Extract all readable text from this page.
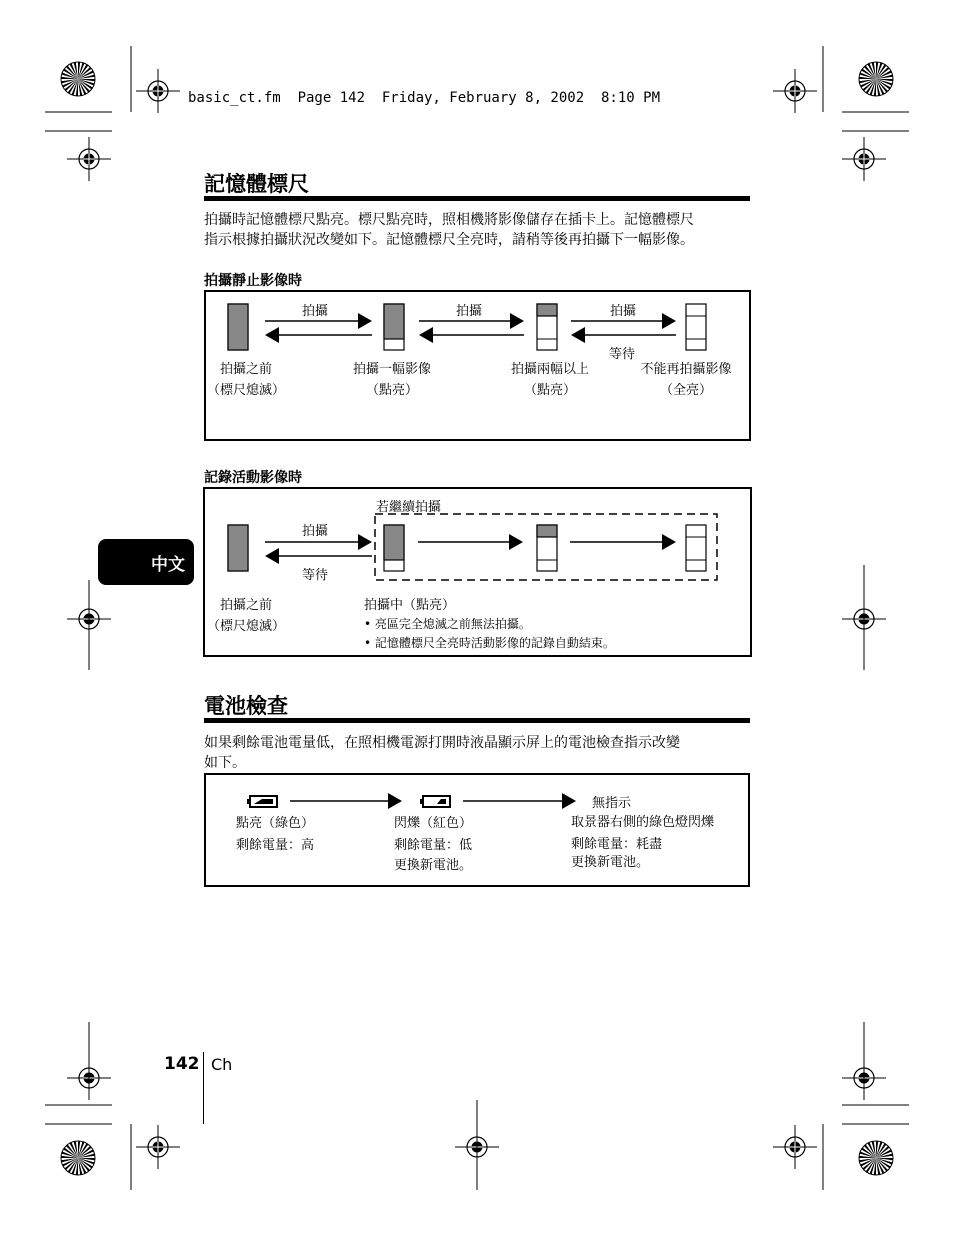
basic_ct.fm  Page 142  Friday, February 8, 2002  8:10 PM
記憶體標尺
拍攝時記憶體標尺點亮。標尺點亮時，照相機將影像儲存在插卡上。記憶體標尺
指示根據拍攝狀況改變如下。記憶體標尺全亮時，請稍等後再拍攝下一幅影像。
拍攝靜止影像時
拍攝	拍攝	拍攝
等待
拍攝之前
（標尺熄滅）
拍攝一幅影像
（點亮）
拍攝兩幅以上
（點亮）
不能再拍攝影像
（全亮）
記錄活動影像時
若繼續拍攝
拍攝
等待
拍攝之前
（標尺熄滅）
拍攝中（點亮）
• 亮區完全熄滅之前無法拍攝。
• 記憶體標尺全亮時活動影像的記錄自動結束。
電池檢查
如果剩餘電池電量低，在照相機電源打開時液晶顯示屏上的電池檢查指示改變
如下。
無指示
點亮（綠色）
剩餘電量：高
閃爍（紅色）
剩餘電量：低
更換新電池。
取景器右側的綠色燈閃爍
剩餘電量：耗盡
更換新電池。
中文
142 Ch
